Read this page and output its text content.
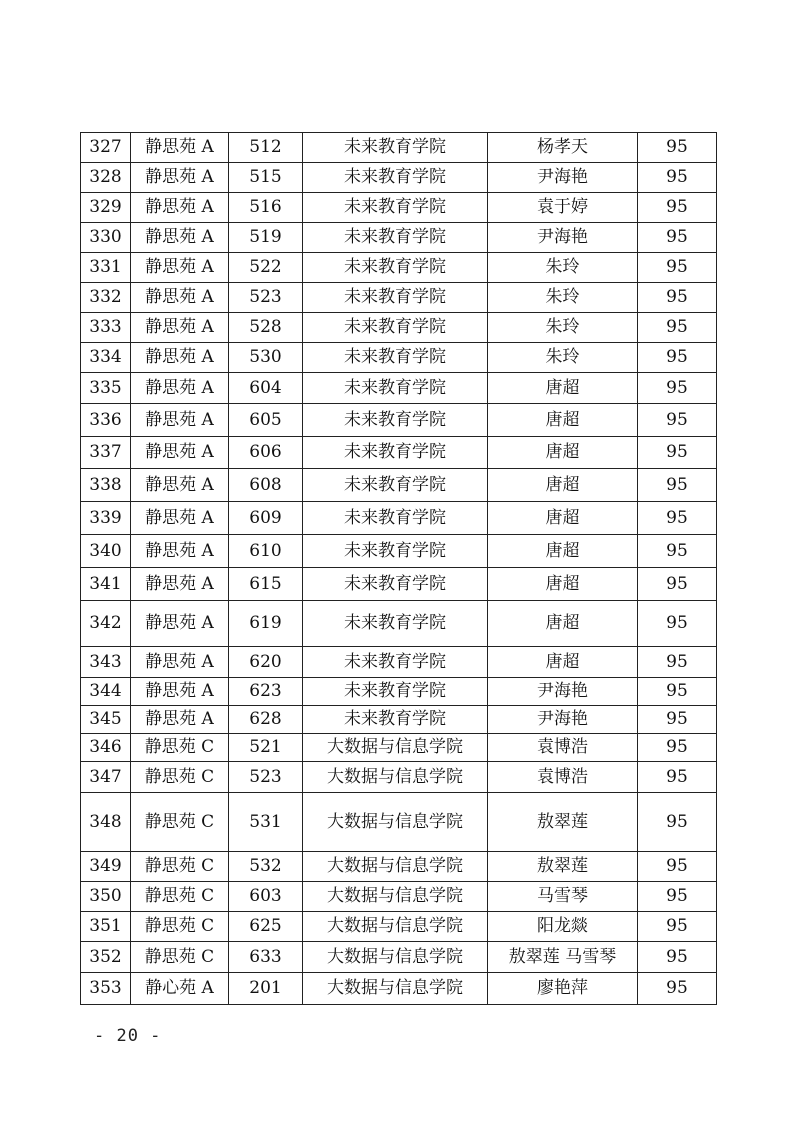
327	静思苑 A	512	未来教育学院	杨孝天	95
328	静思苑 A	515	未来教育学院	尹海艳	95
329	静思苑 A	516	未来教育学院	袁于婷	95
330	静思苑 A	519	未来教育学院	尹海艳	95
331	静思苑 A	522	未来教育学院	朱玲	95
332	静思苑 A	523	未来教育学院	朱玲	95
333	静思苑 A	528	未来教育学院	朱玲	95
334	静思苑 A	530	未来教育学院	朱玲	95
335	静思苑 A	604	未来教育学院	唐超	95
336	静思苑 A	605	未来教育学院	唐超	95
337	静思苑 A	606	未来教育学院	唐超	95
338	静思苑 A	608	未来教育学院	唐超	95
339	静思苑 A	609	未来教育学院	唐超	95
340	静思苑 A	610	未来教育学院	唐超	95
341	静思苑 A	615	未来教育学院	唐超	95
342	静思苑 A	619	未来教育学院	唐超	95
343	静思苑 A	620	未来教育学院	唐超	95
344	静思苑 A	623	未来教育学院	尹海艳	95
345	静思苑 A	628	未来教育学院	尹海艳	95
346	静思苑 C	521	大数据与信息学院	袁博浩	95
347	静思苑 C	523	大数据与信息学院	袁博浩	95
348	静思苑 C	531	大数据与信息学院	敖翠莲	95
349	静思苑 C	532	大数据与信息学院	敖翠莲	95
350	静思苑 C	603	大数据与信息学院	马雪琴	95
351	静思苑 C	625	大数据与信息学院	阳龙燚	95
352	静思苑 C	633	大数据与信息学院	敖翠莲 马雪琴	95
353	静心苑 A	201	大数据与信息学院	廖艳萍	95
- 20 -
